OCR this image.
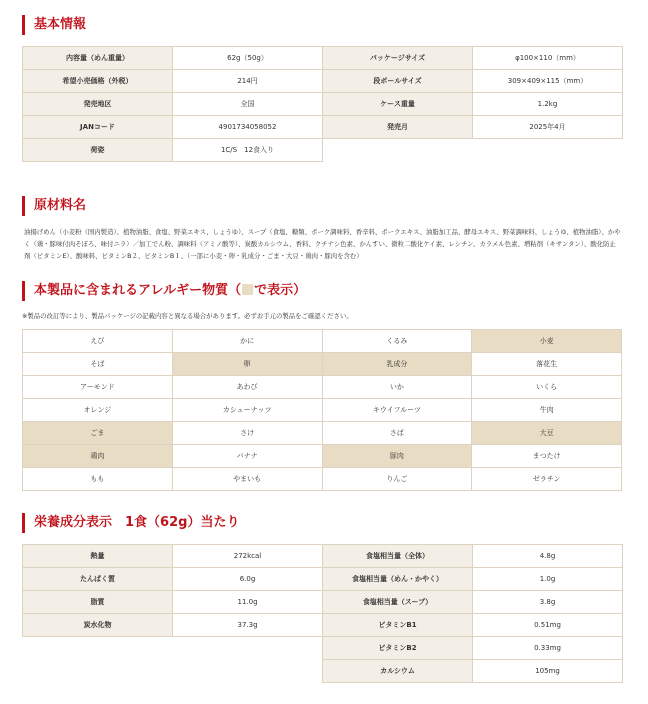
基本情報
内容量（めん重量）	62g（50g）	パッケージサイズ	φ100×110（mm）
希望小売価格（外税）	214円	段ボールサイズ	309×409×115（mm）
発売地区	全国	ケース重量	1.2kg
JANコード	4901734058052	発売月	2025年4月
荷姿	1C/S　12食入り		
原材料名
油揚げめん（小麦粉（国内製造）、植物油脂、食塩、野菜エキス、しょうゆ）、スープ（食塩、糖類、ポーク調味料、香辛料、ポークエキス、油脂加工品、酵母エキス、野菜調味料、しょうゆ、植物油脂）、かやく（鶏・豚味付肉そぼろ、味付ニラ）／加工でん粉、調味料（アミノ酸等）、炭酸カルシウム、香料、クチナシ色素、かんすい、微粒二酸化ケイ素、レシチン、カラメル色素、増粘剤（キサンタン）、酸化防止剤（ビタミンE）、酸味料、ビタミンB２、ビタミンB１、（一部に小麦・卵・乳成分・ごま・大豆・鶏肉・豚肉を含む）
本製品に含まれるアレルギー物質（ で表示）
※製品の改訂等により、製品パッケージの記載内容と異なる場合があります。必ずお手元の製品をご確認ください。
えび	かに	くるみ	小麦
そば	卵	乳成分	落花生
アーモンド	あわび	いか	いくら
オレンジ	カシューナッツ	キウイフルーツ	牛肉
ごま	さけ	さば	大豆
鶏肉	バナナ	豚肉	まつたけ
もも	やまいも	りんご	ゼラチン
栄養成分表示　1食（62g）当たり
熱量	272kcal	食塩相当量（全体）	4.8g
たんぱく質	6.0g	食塩相当量（めん・かやく）	1.0g
脂質	11.0g	食塩相当量（スープ）	3.8g
炭水化物	37.3g	ビタミンB1	0.51mg
		ビタミンB2	0.33mg
		カルシウム	105mg
